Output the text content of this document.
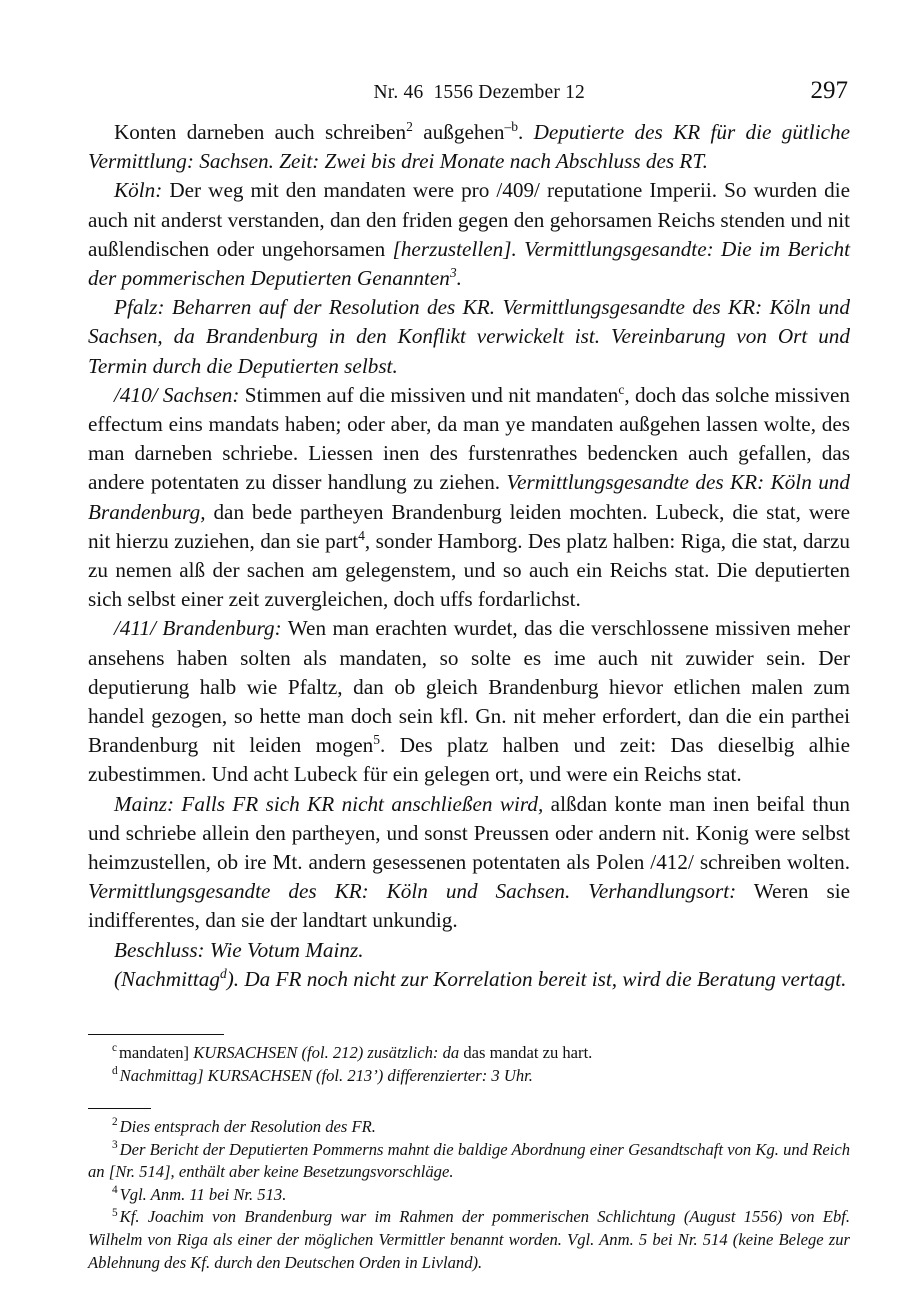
Nr. 46 1556 Dezember 12	297

Konten darneben auch schreiben$^2$ außgehen$^{-b}$. Deputierte des KR für die gütliche Vermittlung: Sachsen. Zeit: Zwei bis drei Monate nach Abschluss des RT.

Köln: Der weg mit den mandaten were pro /409/ reputatione Imperii. So wurden die auch nit anderst verstanden, dan den friden gegen den gehorsamen Reichs stenden und nit außlendischen oder ungehorsamen [herzustellen]. Vermittlungsgesandte: Die im Bericht der pommerischen Deputierten Genannten$^3$.

Pfalz: Beharren auf der Resolution des KR. Vermittlungsgesandte des KR: Köln und Sachsen, da Brandenburg in den Konflikt verwickelt ist. Vereinbarung von Ort und Termin durch die Deputierten selbst.

/410/ Sachsen: Stimmen auf die missiven und nit mandaten$^c$, doch das solche missiven effectum eins mandats haben; oder aber, da man ye mandaten außgehen lassen wolte, des man darneben schriebe. Liessen inen des furstenrathes bedencken auch gefallen, das andere potentaten zu disser handlung zu ziehen. Vermittlungsgesandte des KR: Köln und Brandenburg, dan bede partheyen Brandenburg leiden mochten. Lubeck, die stat, were nit hierzu zuziehen, dan sie part$^4$, sonder Hamborg. Des platz halben: Riga, die stat, darzu zu nemen alß der sachen am gelegenstem, und so auch ein Reichs stat. Die deputierten sich selbst einer zeit zuvergleichen, doch uffs fordarlichst.

/411/ Brandenburg: Wen man erachten wurdet, das die verschlossene missiven meher ansehens haben solten als mandaten, so solte es ime auch nit zuwider sein. Der deputierung halb wie Pfaltz, dan ob gleich Brandenburg hievor etlichen malen zum handel gezogen, so hette man doch sein kfl. Gn. nit meher erfordert, dan die ein parthei Brandenburg nit leiden mogen$^5$. Des platz halben und zeit: Das dieselbig alhie zubestimmen. Und acht Lubeck für ein gelegen ort, und were ein Reichs stat.

Mainz: Falls FR sich KR nicht anschließen wird, alßdan konte man inen beifal thun und schriebe allein den partheyen, und sonst Preussen oder andern nit. Konig were selbst heimzustellen, ob ire Mt. andern gesessenen potentaten als Polen /412/ schreiben wolten. Vermittlungsgesandte des KR: Köln und Sachsen. Verhandlungsort: Weren sie indifferentes, dan sie der landtart unkundig.

Beschluss: Wie Votum Mainz.

(Nachmittag$^d$). Da FR noch nicht zur Korrelation bereit ist, wird die Beratung vertagt.

$^c$ mandaten] KURSACHSEN (fol. 212) zusätzlich: da das mandat zu hart.

$^d$ Nachmittag] KURSACHSEN (fol. 213’) differenzierter: 3 Uhr.

$^2$ Dies entsprach der Resolution des FR.

$^3$ Der Bericht der Deputierten Pommerns mahnt die baldige Abordnung einer Gesandtschaft von Kg. und Reich an [Nr. 514], enthält aber keine Besetzungsvorschläge.

$^4$ Vgl. Anm. 11 bei Nr. 513.

$^5$ Kf. Joachim von Brandenburg war im Rahmen der pommerischen Schlichtung (August 1556) von Ebf. Wilhelm von Riga als einer der möglichen Vermittler benannt worden. Vgl. Anm. 5 bei Nr. 514 (keine Belege zur Ablehnung des Kf. durch den Deutschen Orden in Livland).
